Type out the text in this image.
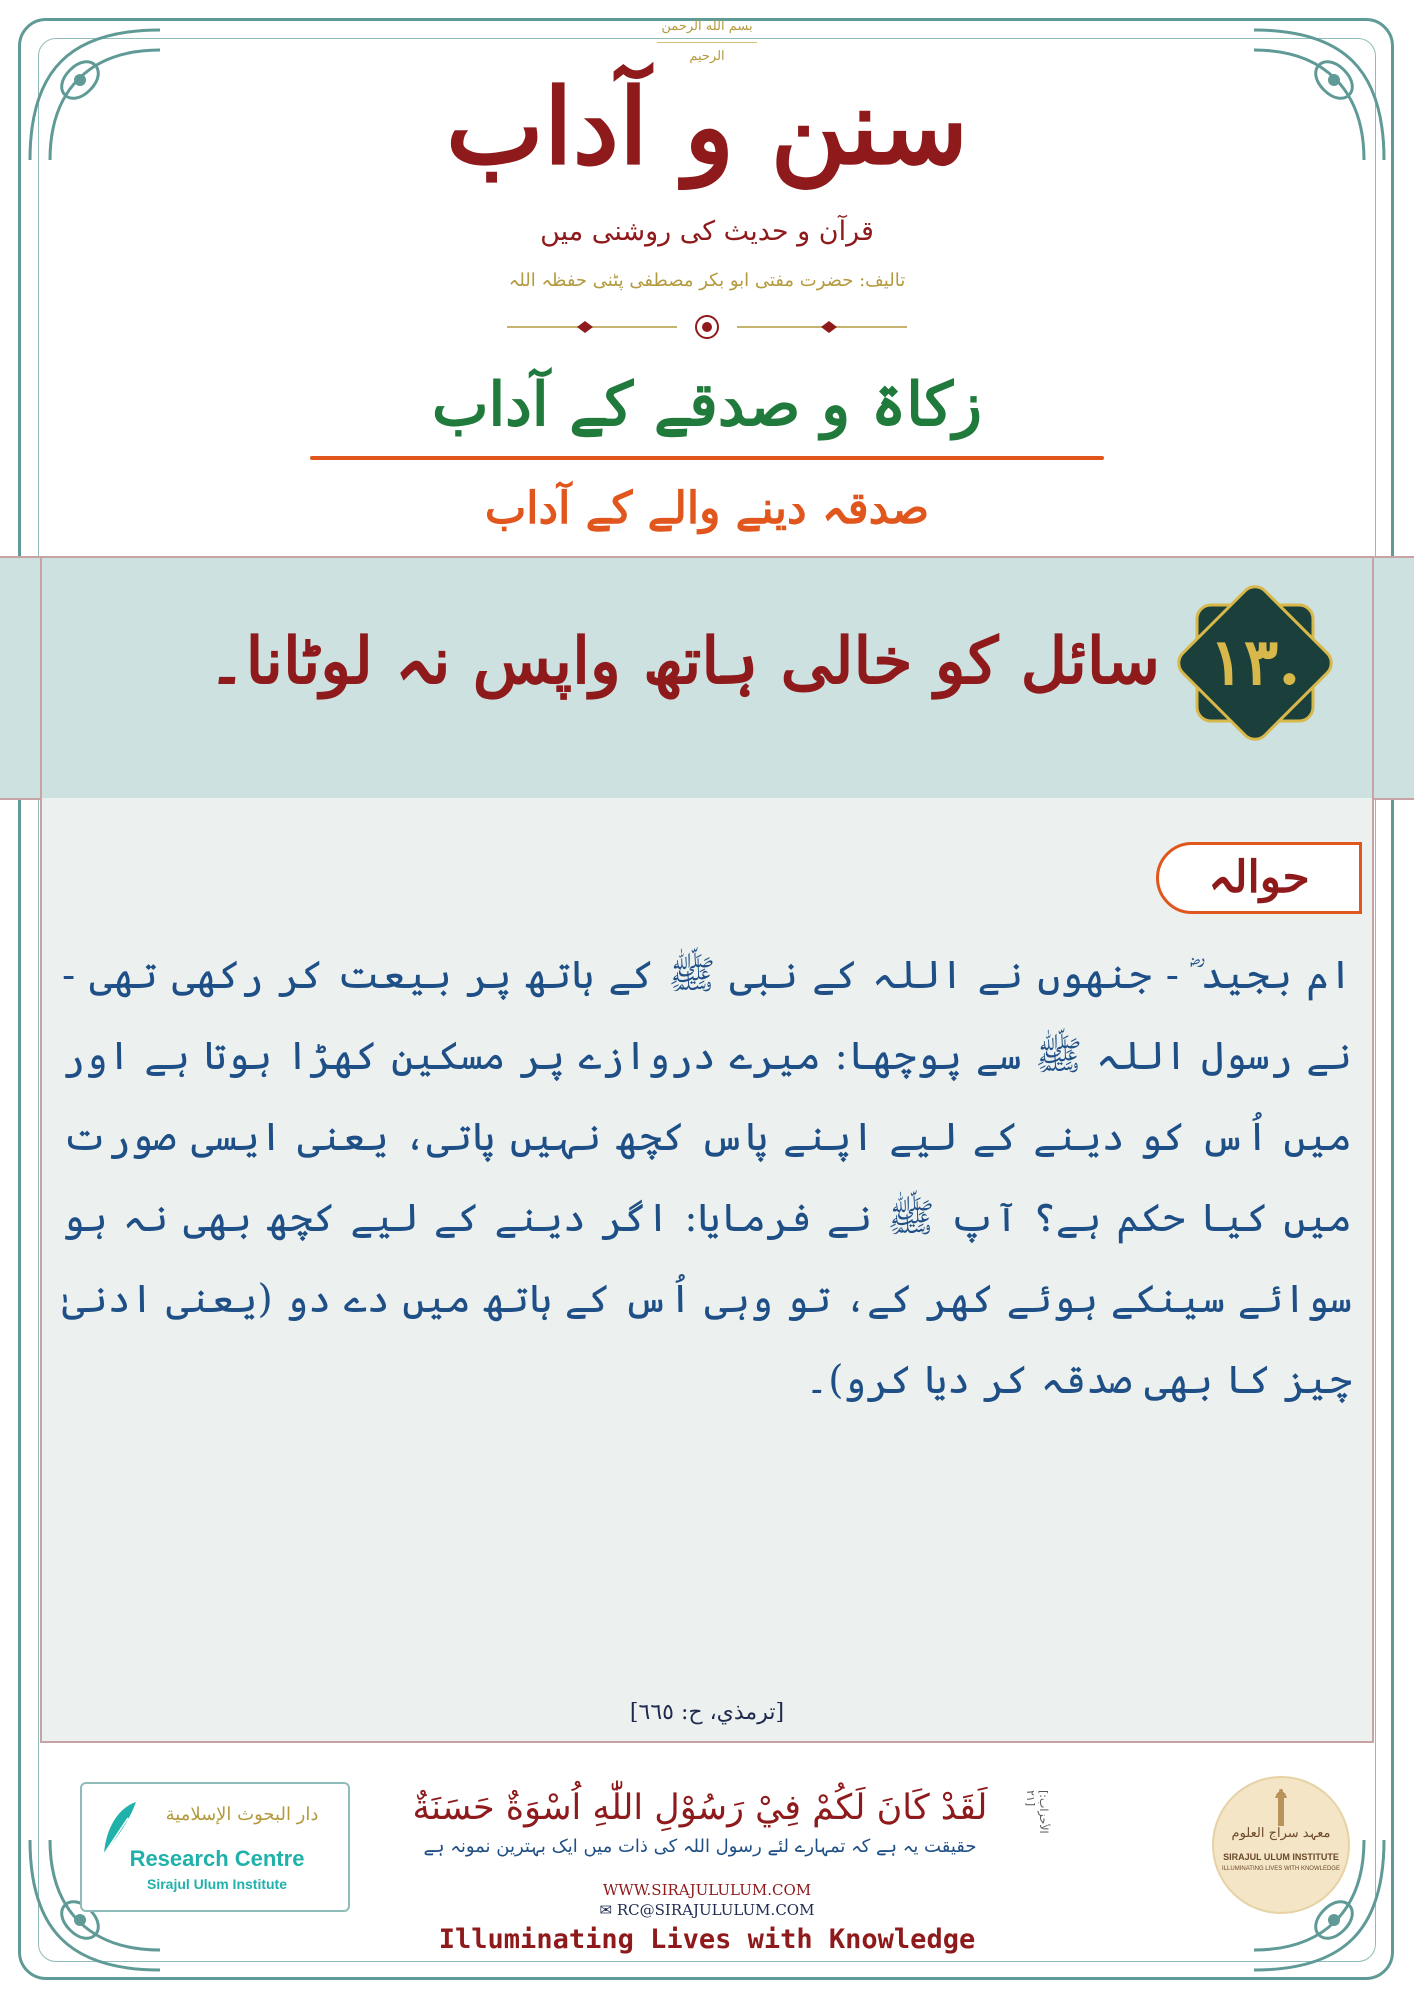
بسم الله الرحمن الرحيم
سنن و آداب
قرآن و حدیث کی روشنی میں
تالیف: حضرت مفتی ابو بکر مصطفی پٹنی حفظہ اللہ
زکاۃ و صدقے کے آداب
صدقہ دینے والے کے آداب
۱۳.
سائل کو خالی ہاتھ واپس نہ لوٹانا۔
حوالہ
ام بجید ؓ - جنھوں نے اللہ کے نبی ﷺ کے ہاتھ پر بیعت کر رکھی تھی - نے رسول اللہ ﷺ سے پوچھا: میرے دروازے پر مسکین کھڑا ہوتا ہے اور میں اُس کو دینے کے لیے اپنے پاس کچھ نہیں پاتی، یعنی ایسی صورت میں کیا حکم ہے؟ آپ ﷺ نے فرمایا: اگر دینے کے لیے کچھ بھی نہ ہو سوائے سینکے ہوئے کھر کے، تو وہی اُس کے ہاتھ میں دے دو (یعنی ادنیٰ چیز کا بھی صدقہ کر دیا کرو)۔
[ترمذي، ح: ٦٦٥]
دار البحوث الإسلامية
Research Centre
Sirajul Ulum Institute
لَقَدْ كَانَ لَكُمْ فِيْ رَسُوْلِ اللّٰهِ اُسْوَةٌ حَسَنَةٌ	[الأحزاب: ٢١]
حقیقت یہ ہے کہ تمہارے لئے رسول اللہ کی ذات میں ایک بہترین نمونہ ہے
WWW.SIRAJULULUM.COM
✉ RC@SIRAJULULUM.COM
Illuminating Lives with Knowledge
معہد سراج العلوم
SIRAJUL ULUM INSTITUTE
ILLUMINATING LIVES WITH KNOWLEDGE
